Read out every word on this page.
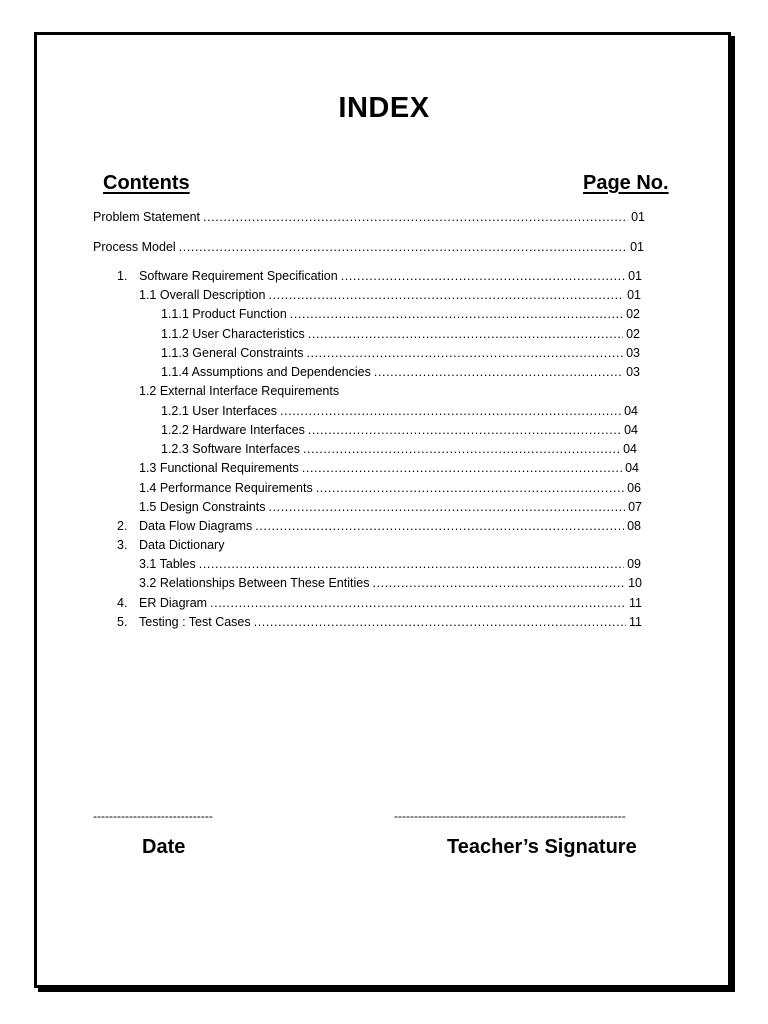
INDEX
Contents	Page No.
Problem Statement .....	01
Process Model .....	01
1. Software Requirement Specification .....	01
1.1 Overall Description .....	01
1.1.1 Product Function .....	02
1.1.2 User Characteristics .....	02
1.1.3 General Constraints .....	03
1.1.4 Assumptions and Dependencies .....	03
1.2 External Interface Requirements
1.2.1 User Interfaces .....	04
1.2.2 Hardware Interfaces .....	04
1.2.3 Software Interfaces .....	04
1.3 Functional Requirements .....	04
1.4 Performance Requirements .....	06
1.5 Design Constraints .....	07
2. Data Flow Diagrams .....	08
3. Data Dictionary
3.1 Tables .....	09
3.2 Relationships Between These Entities .....	10
4. ER Diagram .....	11
5. Testing : Test Cases .....	11
------------------------------	----------------------------------------------------------
Date	Teacher’s Signature
